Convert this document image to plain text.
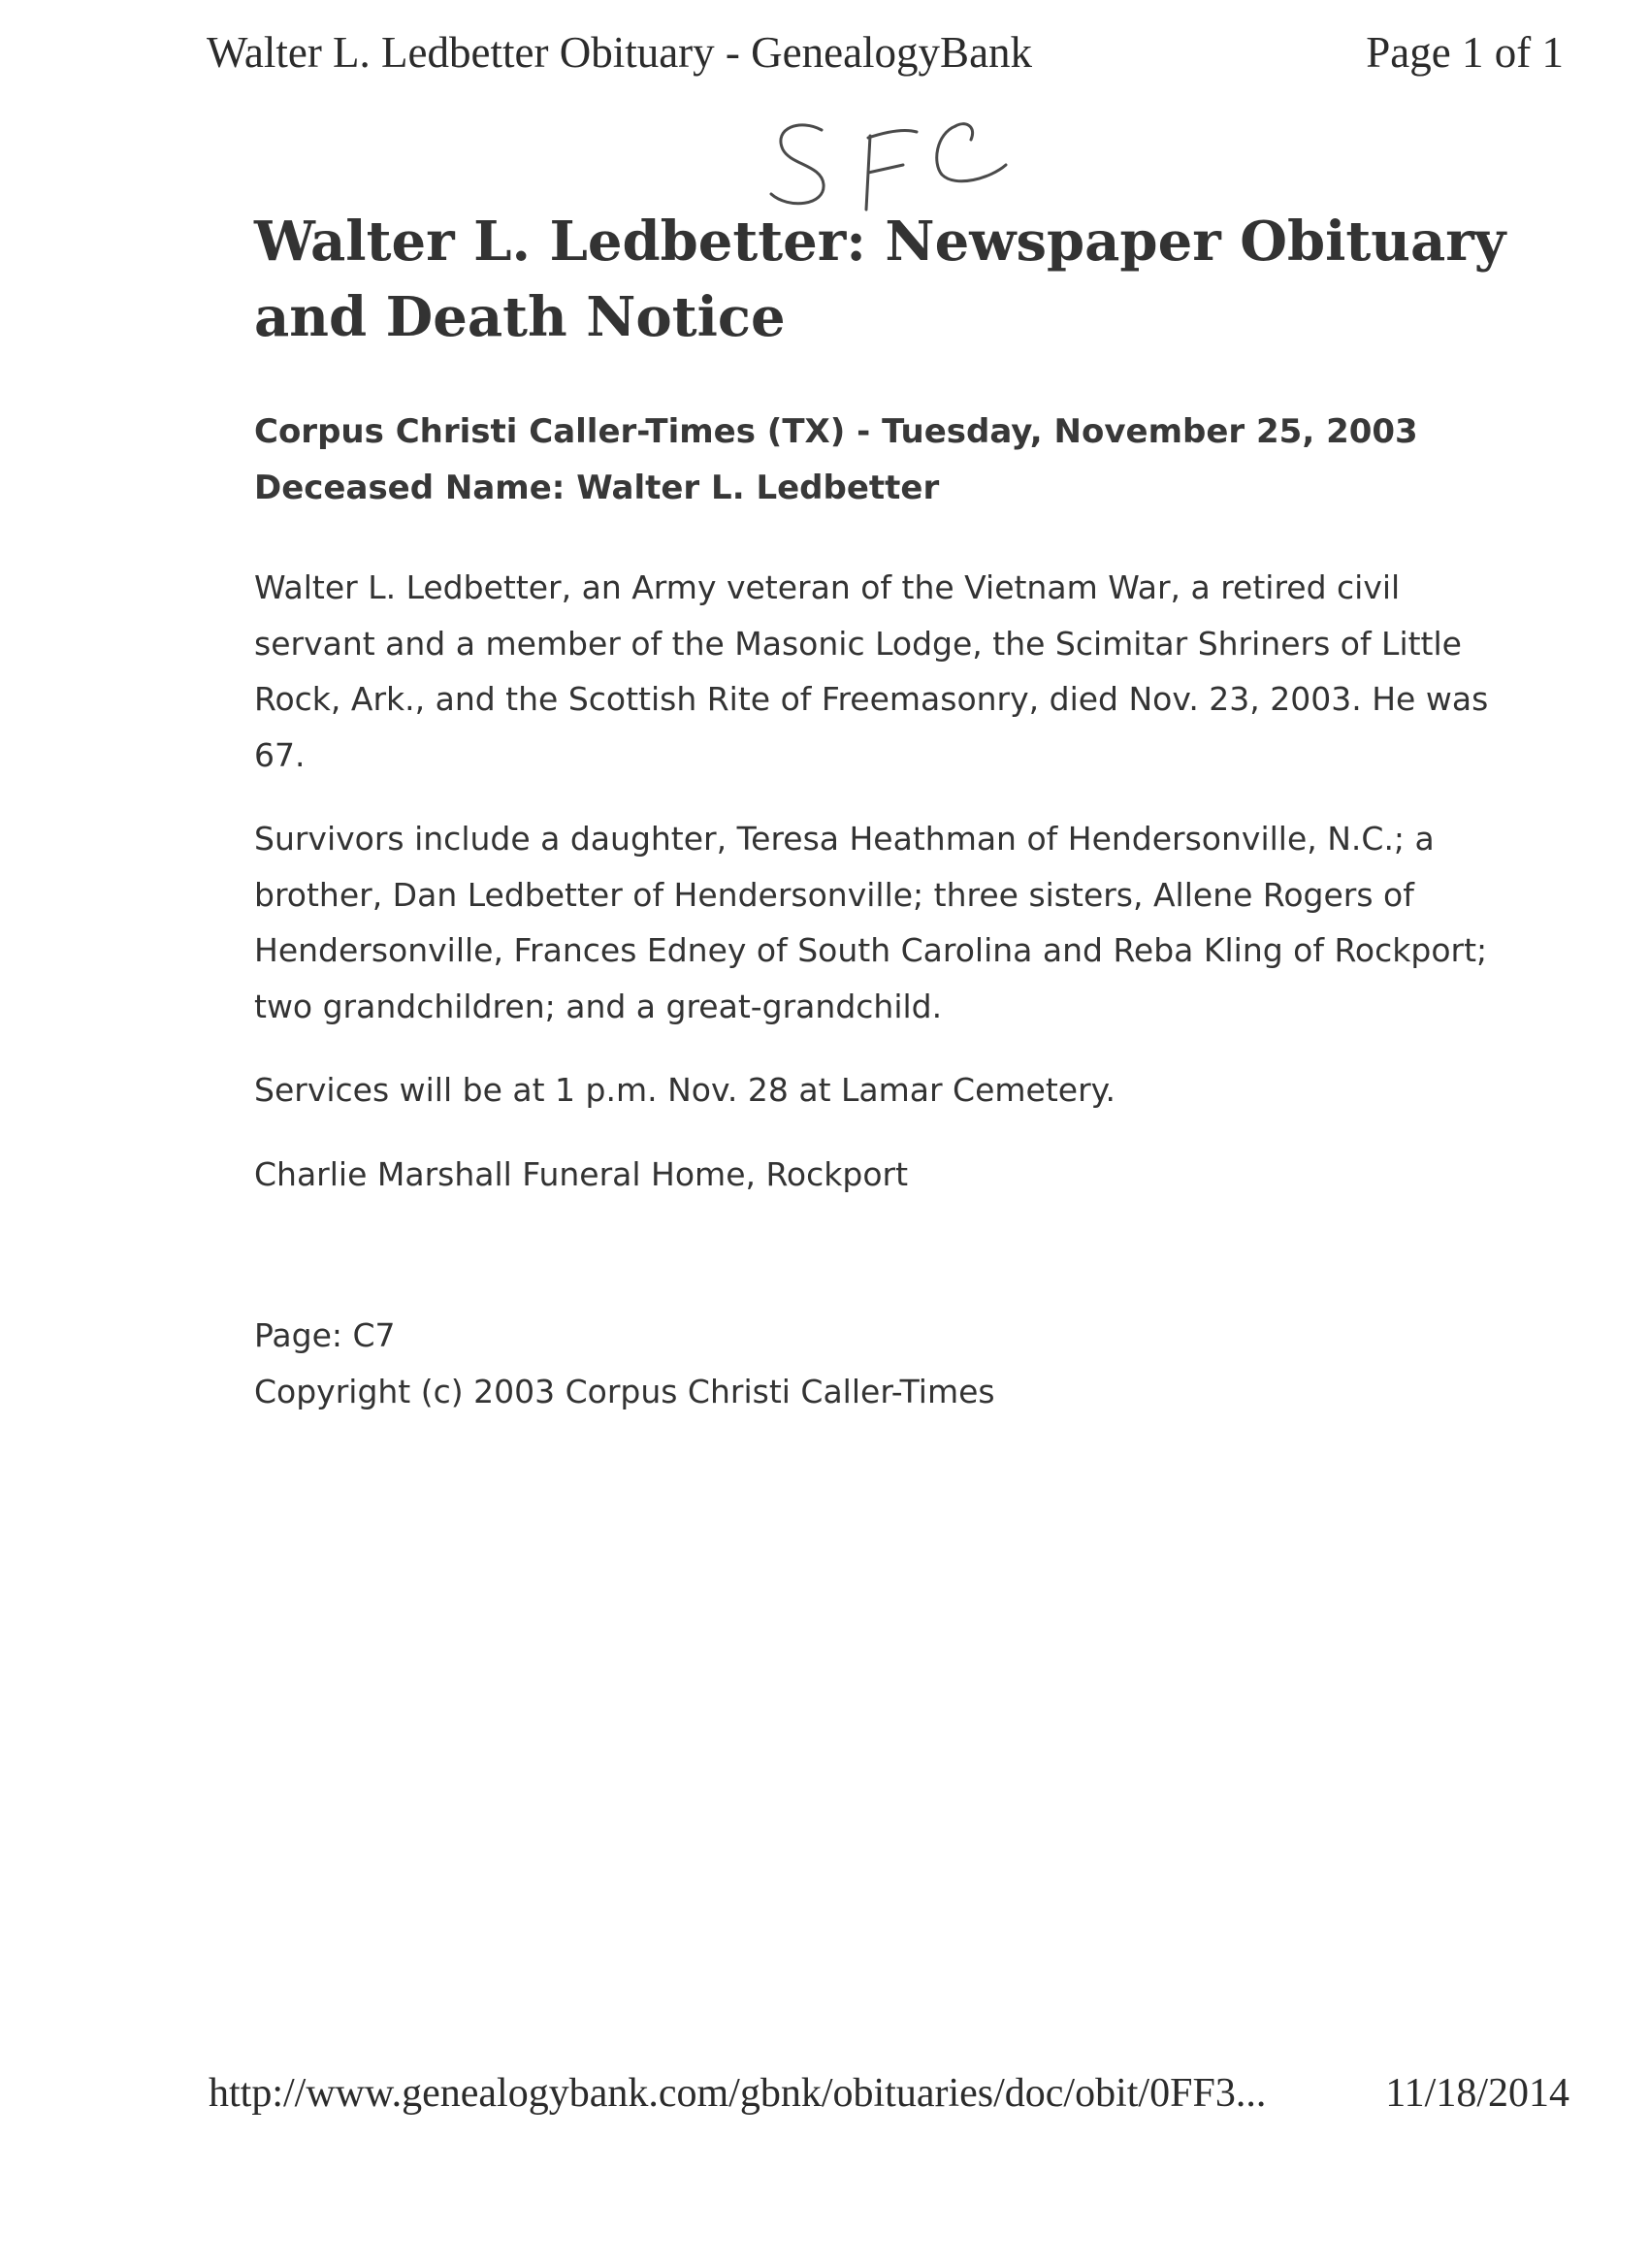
Walter L. Ledbetter Obituary - GenealogyBank	Page 1 of 1
Walter L. Ledbetter: Newspaper Obituary and Death Notice
Corpus Christi Caller-Times (TX) - Tuesday, November 25, 2003
Deceased Name: Walter L. Ledbetter

Walter L. Ledbetter, an Army veteran of the Vietnam War, a retired civil servant and a member of the Masonic Lodge, the Scimitar Shriners of Little Rock, Ark., and the Scottish Rite of Freemasonry, died Nov. 23, 2003. He was 67.

Survivors include a daughter, Teresa Heathman of Hendersonville, N.C.; a brother, Dan Ledbetter of Hendersonville; three sisters, Allene Rogers of Hendersonville, Frances Edney of South Carolina and Reba Kling of Rockport; two grandchildren; and a great-grandchild.

Services will be at 1 p.m. Nov. 28 at Lamar Cemetery.

Charlie Marshall Funeral Home, Rockport

Page: C7
Copyright (c) 2003 Corpus Christi Caller-Times
http://www.genealogybank.com/gbnk/obituaries/doc/obit/0FF3...	11/18/2014
